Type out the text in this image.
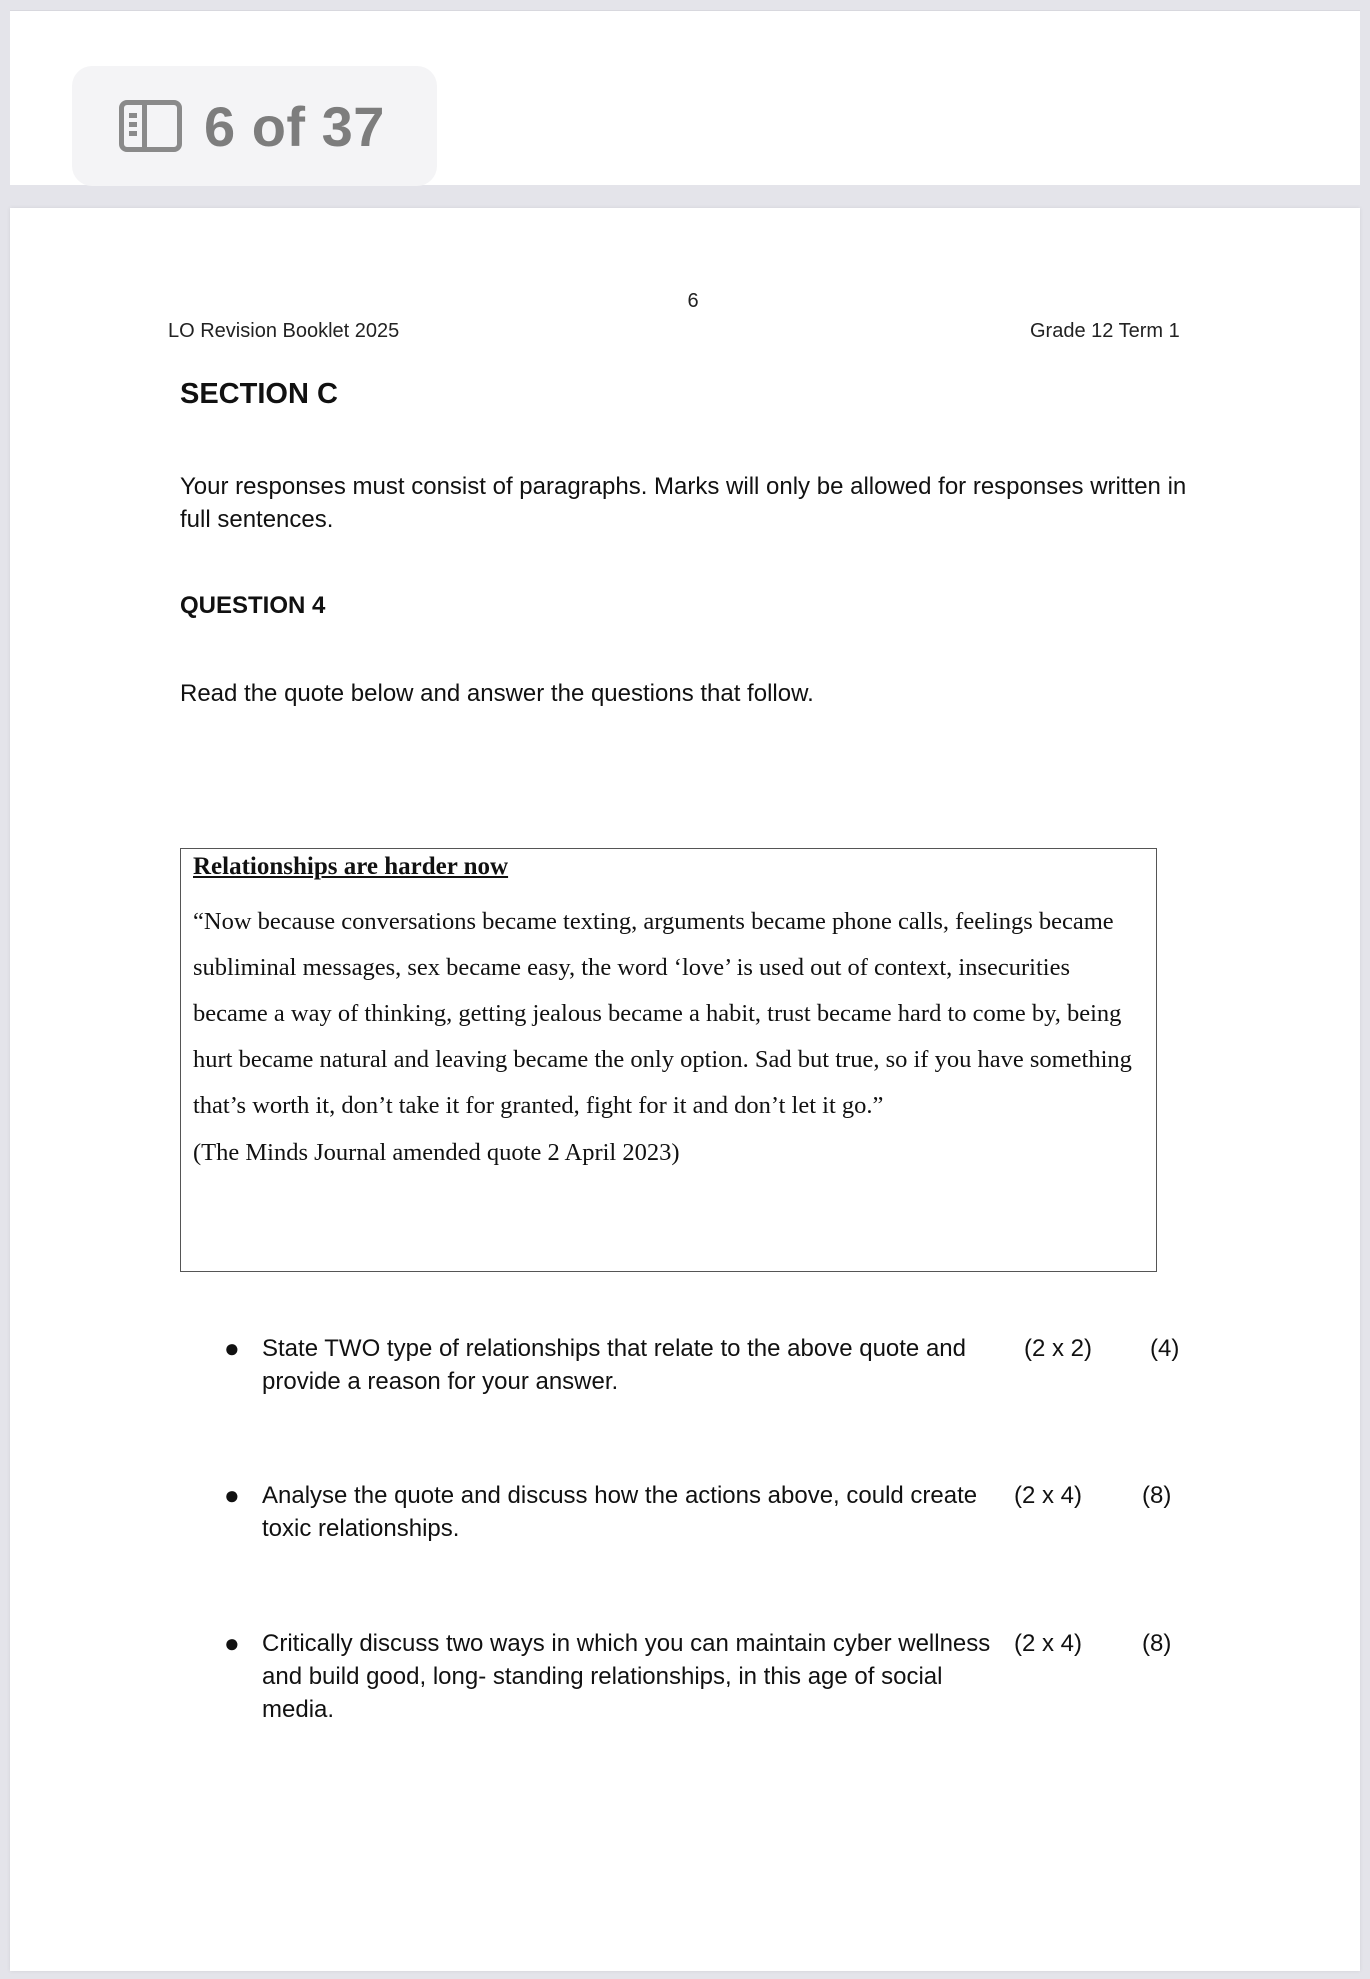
6 of 37
6
LO Revision Booklet 2025	Grade 12 Term 1
SECTION C
Your responses must consist of paragraphs. Marks will only be allowed for responses written in full sentences.
QUESTION 4
Read the quote below and answer the questions that follow.
Relationships are harder now
“Now because conversations became texting, arguments became phone calls, feelings became subliminal messages, sex became easy, the word ‘love’ is used out of context, insecurities became a way of thinking, getting jealous became a habit, trust became hard to come by, being hurt became natural and leaving became the only option. Sad but true, so if you have something that’s worth it, don’t take it for granted, fight for it and don’t let it go.”
(The Minds Journal amended quote 2 April 2023)
● State TWO type of relationships that relate to the above quote and provide a reason for your answer.
(2 x 2) (4)
● Analyse the quote and discuss how the actions above, could create toxic relationships.
(2 x 4) (8)
● Critically discuss two ways in which you can maintain cyber wellness and build good, long- standing relationships, in this age of social media.
(2 x 4) (8)
